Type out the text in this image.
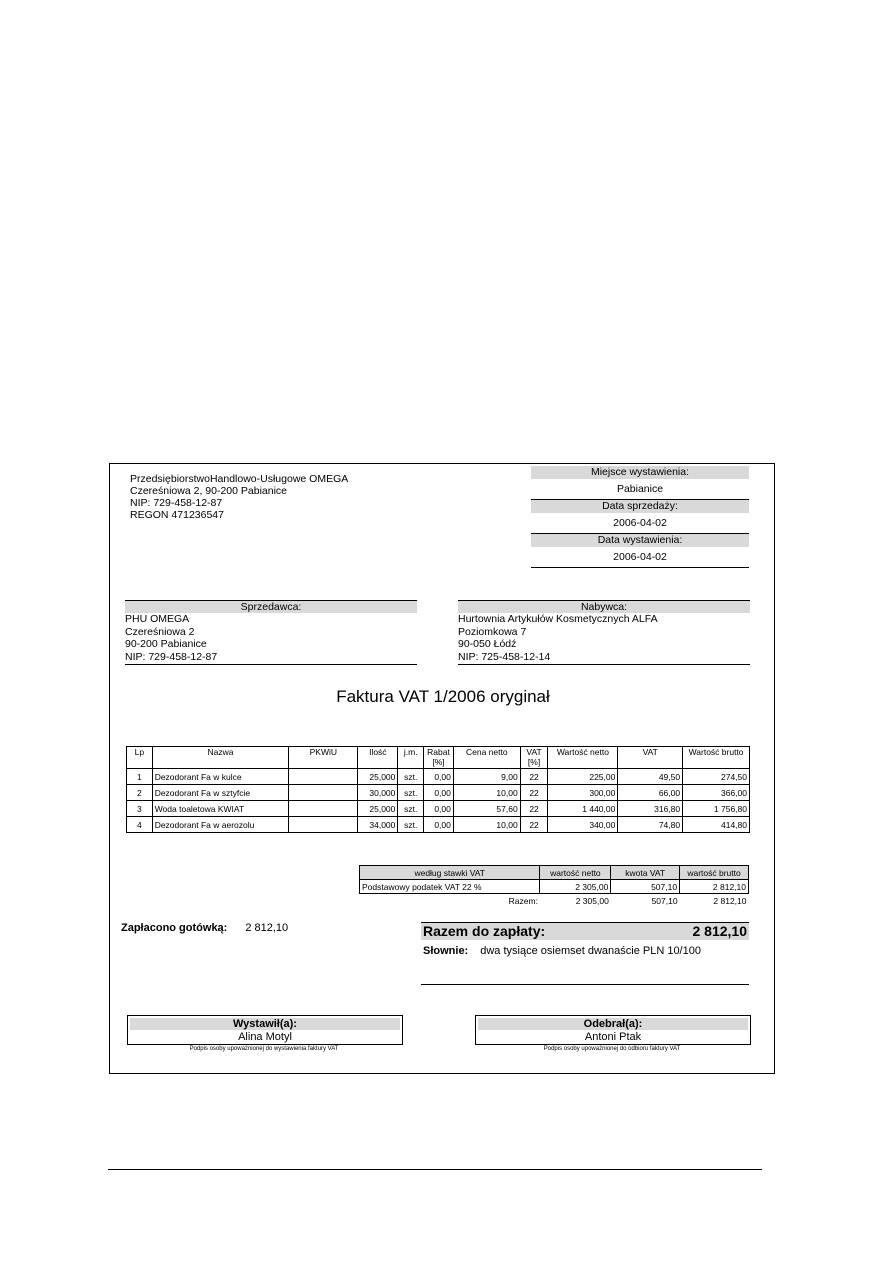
PrzedsiębiorstwoHandlowo-Usługowe OMEGA
Czereśniowa 2, 90-200 Pabianice
NIP: 729-458-12-87
REGON 471236547
Miejsce wystawienia:
Pabianice
Data sprzedaży:
2006-04-02
Data wystawienia:
2006-04-02
Sprzedawca:
PHU OMEGA
Czereśniowa 2
90-200 Pabianice
NIP: 729-458-12-87
Nabywca:
Hurtownia Artykułów Kosmetycznych ALFA
Poziomkowa 7
90-050 Łódź
NIP: 725-458-12-14
Faktura VAT 1/2006 oryginał
Lp	Nazwa	PKWiU	Ilość	j.m.	Rabat [%]	Cena netto	VAT [%]	Wartość netto	VAT	Wartość brutto
1	Dezodorant Fa w kulce		25,000	szt.	0,00	9,00	22	225,00	49,50	274,50
2	Dezodorant Fa w sztyfcie		30,000	szt.	0,00	10,00	22	300,00	66,00	366,00
3	Woda toaletowa KWIAT		25,000	szt.	0,00	57,60	22	1 440,00	316,80	1 756,80
4	Dezodorant Fa w aerozolu		34,000	szt.	0,00	10,00	22	340,00	74,80	414,80
według stawki VAT	wartość netto	kwota VAT	wartość brutto
Podstawowy podatek VAT 22 %	2 305,00	507,10	2 812,10
Razem:	2 305,00	507,10	2 812,10
Zapłacono gotówką: 2 812,10	Razem do zapłaty:	2 812,10
Słownie: dwa tysiące osiemset dwanaście PLN 10/100
Wystawił(a):
Alina Motyl
Podpis osoby upoważnionej do wystawienia faktury VAT
Odebrał(a):
Antoni Ptak
Podpis osoby upoważnionej do odbioru faktury VAT
